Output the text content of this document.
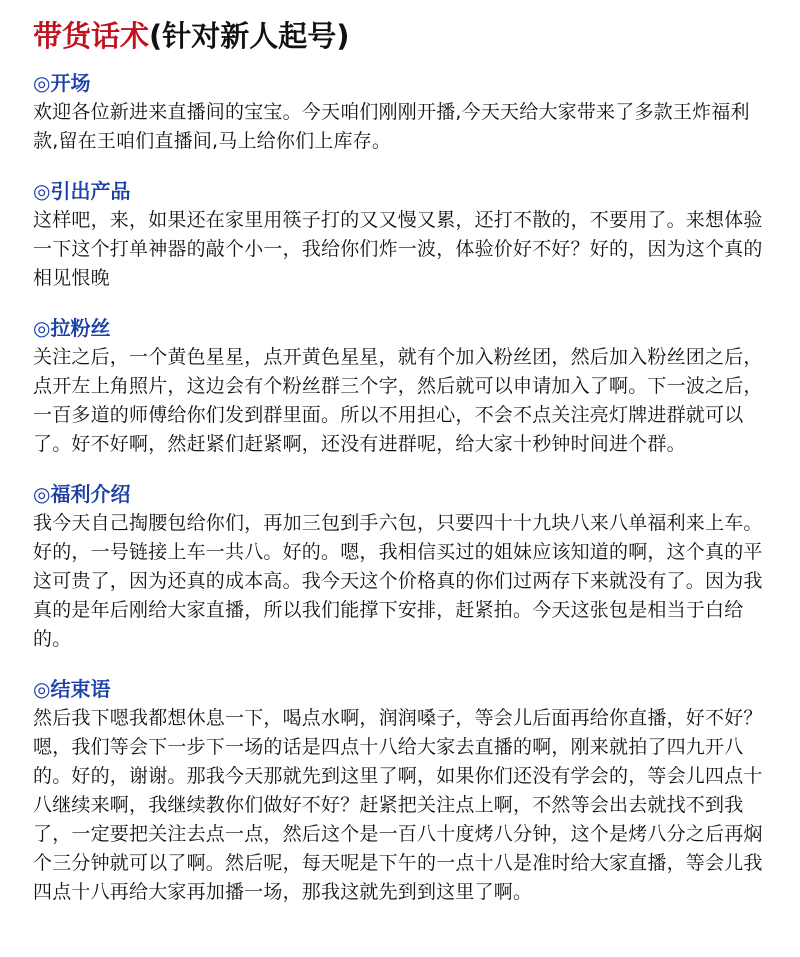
带货话术(针对新人起号)
◎开场

欢迎各位新进来直播间的宝宝。今天咱们刚刚开播,今天天给大家带来了多款王炸福利款,留在王咱们直播间,马上给你们上库存。

◎引出产品

这样吧，来，如果还在家里用筷子打的又又慢又累，还打不散的，不要用了。来想体验一下这个打单神器的敲个小一，我给你们炸一波，体验价好不好？好的，因为这个真的相见恨晚

◎拉粉丝

关注之后，一个黄色星星，点开黄色星星，就有个加入粉丝团，然后加入粉丝团之后，点开左上角照片，这边会有个粉丝群三个字，然后就可以申请加入了啊。下一波之后，一百多道的师傅给你们发到群里面。所以不用担心，不会不点关注亮灯牌进群就可以了。好不好啊，然赶紧们赶紧啊，还没有进群呢，给大家十秒钟时间进个群。

◎福利介绍

我今天自己掏腰包给你们，再加三包到手六包，只要四十十九块八来八单福利来上车。好的，一号链接上车一共八。好的。嗯，我相信买过的姐妹应该知道的啊，这个真的平这可贵了，因为还真的成本高。我今天这个价格真的你们过两存下来就没有了。因为我真的是年后刚给大家直播，所以我们能撑下安排，赶紧拍。今天这张包是相当于白给的。

◎结束语

然后我下嗯我都想休息一下，喝点水啊，润润嗓子，等会儿后面再给你直播，好不好？嗯，我们等会下一步下一场的话是四点十八给大家去直播的啊，刚来就拍了四九开八的。好的，谢谢。那我今天那就先到这里了啊，如果你们还没有学会的，等会儿四点十八继续来啊，我继续教你们做好不好？赶紧把关注点上啊，不然等会出去就找不到我了，一定要把关注去点一点，然后这个是一百八十度烤八分钟，这个是烤八分之后再焖个三分钟就可以了啊。然后呢，每天呢是下午的一点十八是准时给大家直播，等会儿我四点十八再给大家再加播一场，那我这就先到到这里了啊。
